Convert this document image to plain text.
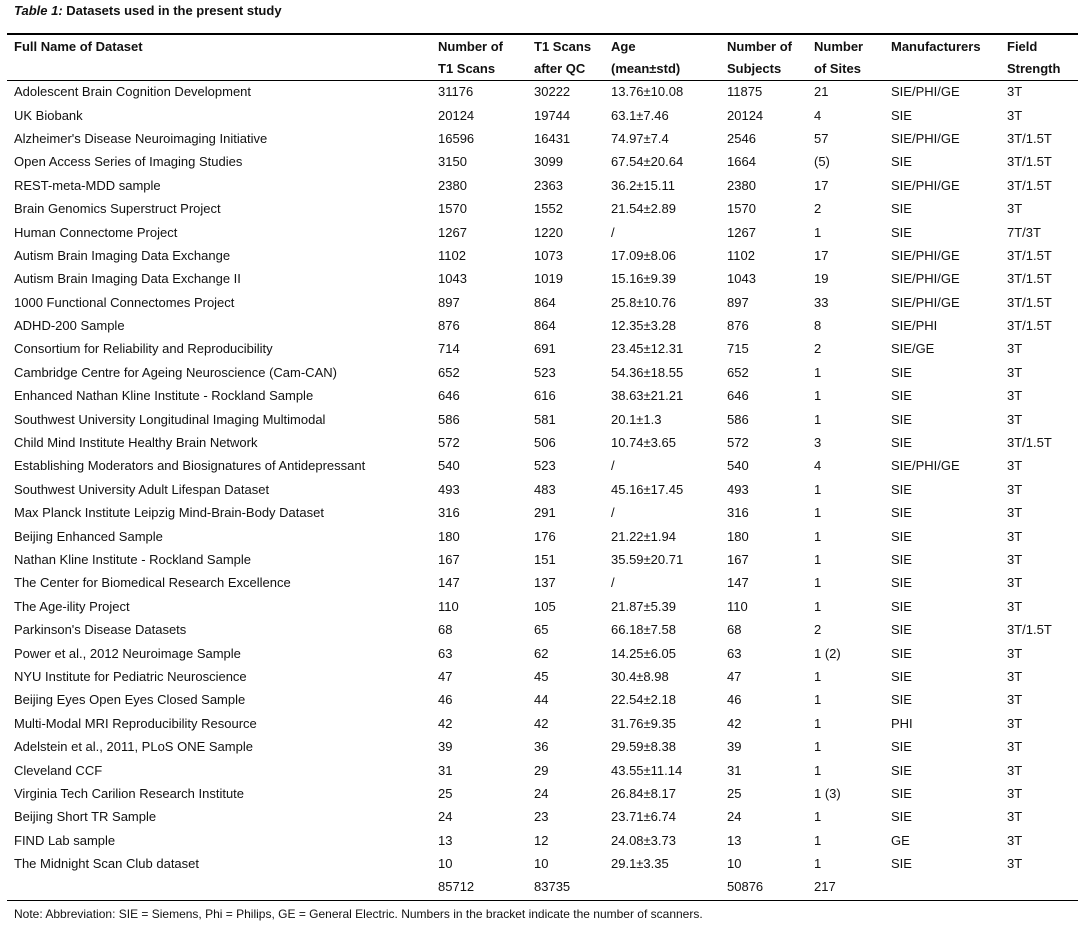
Table 1: Datasets used in the present study
Full Name of Dataset	Number of	T1 Scans	Age	Number of	Number	Manufacturers	Field
	T1 Scans	after QC	(mean±std)	Subjects	of Sites		Strength
Adolescent Brain Cognition Development	31176	30222	13.76±10.08	11875	21	SIE/PHI/GE	3T
UK Biobank	20124	19744	63.1±7.46	20124	4	SIE	3T
Alzheimer's Disease Neuroimaging Initiative	16596	16431	74.97±7.4	2546	57	SIE/PHI/GE	3T/1.5T
Open Access Series of Imaging Studies	3150	3099	67.54±20.64	1664	(5)	SIE	3T/1.5T
REST-meta-MDD sample	2380	2363	36.2±15.11	2380	17	SIE/PHI/GE	3T/1.5T
Brain Genomics Superstruct Project	1570	1552	21.54±2.89	1570	2	SIE	3T
Human Connectome Project	1267	1220	/	1267	1	SIE	7T/3T
Autism Brain Imaging Data Exchange	1102	1073	17.09±8.06	1102	17	SIE/PHI/GE	3T/1.5T
Autism Brain Imaging Data Exchange II	1043	1019	15.16±9.39	1043	19	SIE/PHI/GE	3T/1.5T
1000 Functional Connectomes Project	897	864	25.8±10.76	897	33	SIE/PHI/GE	3T/1.5T
ADHD-200 Sample	876	864	12.35±3.28	876	8	SIE/PHI	3T/1.5T
Consortium for Reliability and Reproducibility	714	691	23.45±12.31	715	2	SIE/GE	3T
Cambridge Centre for Ageing Neuroscience (Cam-CAN)	652	523	54.36±18.55	652	1	SIE	3T
Enhanced Nathan Kline Institute - Rockland Sample	646	616	38.63±21.21	646	1	SIE	3T
Southwest University Longitudinal Imaging Multimodal	586	581	20.1±1.3	586	1	SIE	3T
Child Mind Institute Healthy Brain Network	572	506	10.74±3.65	572	3	SIE	3T/1.5T
Establishing Moderators and Biosignatures of Antidepressant	540	523	/	540	4	SIE/PHI/GE	3T
Southwest University Adult Lifespan Dataset	493	483	45.16±17.45	493	1	SIE	3T
Max Planck Institute Leipzig Mind-Brain-Body Dataset	316	291	/	316	1	SIE	3T
Beijing Enhanced Sample	180	176	21.22±1.94	180	1	SIE	3T
Nathan Kline Institute - Rockland Sample	167	151	35.59±20.71	167	1	SIE	3T
The Center for Biomedical Research Excellence	147	137	/	147	1	SIE	3T
The Age-ility Project	110	105	21.87±5.39	110	1	SIE	3T
Parkinson's Disease Datasets	68	65	66.18±7.58	68	2	SIE	3T/1.5T
Power et al., 2012 Neuroimage Sample	63	62	14.25±6.05	63	1 (2)	SIE	3T
NYU Institute for Pediatric Neuroscience	47	45	30.4±8.98	47	1	SIE	3T
Beijing Eyes Open Eyes Closed Sample	46	44	22.54±2.18	46	1	SIE	3T
Multi-Modal MRI Reproducibility Resource	42	42	31.76±9.35	42	1	PHI	3T
Adelstein et al., 2011, PLoS ONE Sample	39	36	29.59±8.38	39	1	SIE	3T
Cleveland CCF	31	29	43.55±11.14	31	1	SIE	3T
Virginia Tech Carilion Research Institute	25	24	26.84±8.17	25	1 (3)	SIE	3T
Beijing Short TR Sample	24	23	23.71±6.74	24	1	SIE	3T
FIND Lab sample	13	12	24.08±3.73	13	1	GE	3T
The Midnight Scan Club dataset	10	10	29.1±3.35	10	1	SIE	3T
	85712	83735		50876	217		
Note: Abbreviation: SIE = Siemens, Phi = Philips, GE = General Electric. Numbers in the bracket indicate the number of scanners.
